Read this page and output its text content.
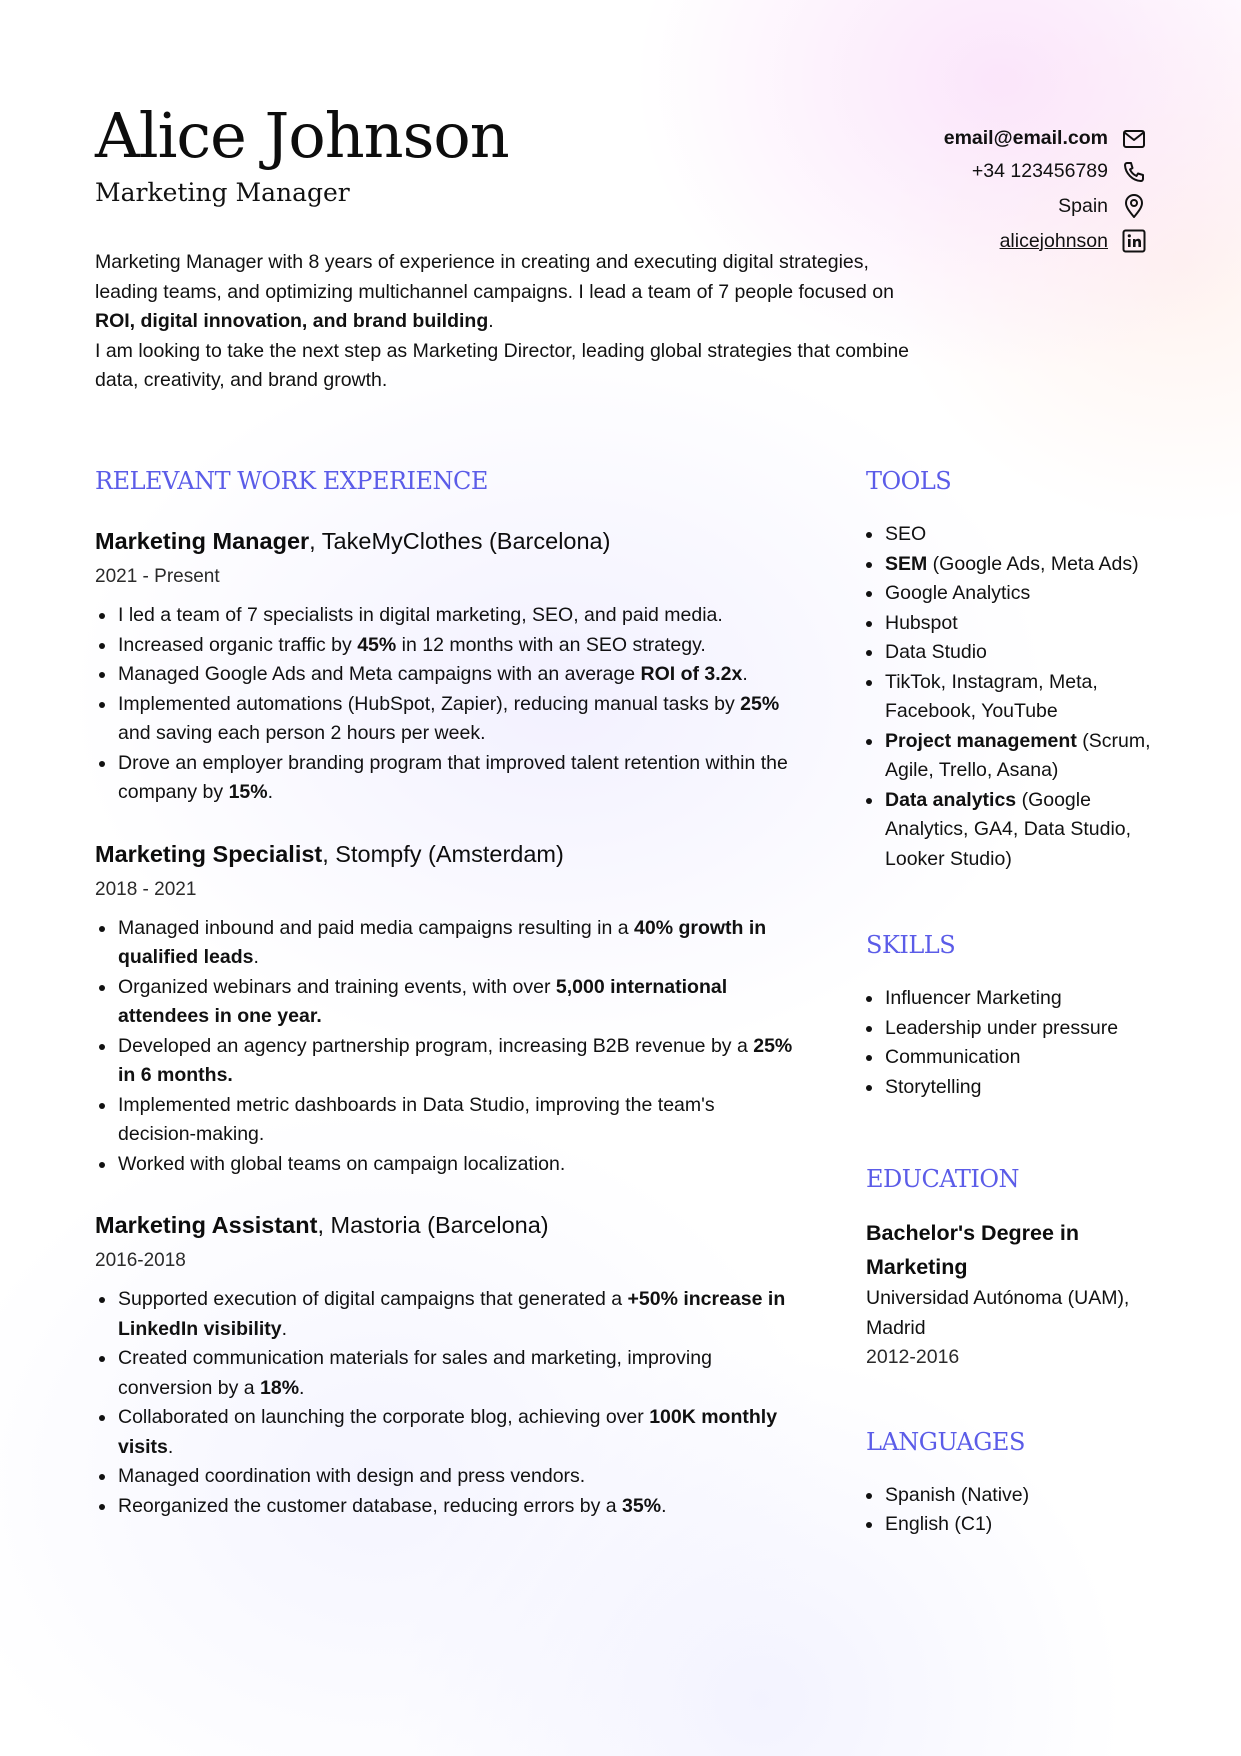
Alice Johnson
Marketing Manager
email@email.com
+34 123456789
Spain
alicejohnson

Marketing Manager with 8 years of experience in creating and executing digital strategies, leading teams, and optimizing multichannel campaigns. I lead a team of 7 people focused on ROI, digital innovation, and brand building.

I am looking to take the next step as Marketing Director, leading global strategies that combine data, creativity, and brand growth.

RELEVANT WORK EXPERIENCE
Marketing Manager, TakeMyClothes (Barcelona)
2021 - Present
I led a team of 7 specialists in digital marketing, SEO, and paid media.
Increased organic traffic by 45% in 12 months with an SEO strategy.
Managed Google Ads and Meta campaigns with an average ROI of 3.2x.
Implemented automations (HubSpot, Zapier), reducing manual tasks by 25% and saving each person 2 hours per week.
Drove an employer branding program that improved talent retention within the company by 15%.
Marketing Specialist, Stompfy (Amsterdam)
2018 - 2021
Managed inbound and paid media campaigns resulting in a 40% growth in qualified leads.
Organized webinars and training events, with over 5,000 international attendees in one year.
Developed an agency partnership program, increasing B2B revenue by a 25% in 6 months.
Implemented metric dashboards in Data Studio, improving the team's decision-making.
Worked with global teams on campaign localization.
Marketing Assistant, Mastoria (Barcelona)
2016-2018
Supported execution of digital campaigns that generated a +50% increase in LinkedIn visibility.
Created communication materials for sales and marketing, improving conversion by a 18%.
Collaborated on launching the corporate blog, achieving over 100K monthly visits.
Managed coordination with design and press vendors.
Reorganized the customer database, reducing errors by a 35%.
TOOLS
SEO
SEM (Google Ads, Meta Ads)
Google Analytics
Hubspot
Data Studio
TikTok, Instagram, Meta, Facebook, YouTube
Project management (Scrum, Agile, Trello, Asana)
Data analytics (Google Analytics, GA4, Data Studio, Looker Studio)
SKILLS
Influencer Marketing
Leadership under pressure
Communication
Storytelling
EDUCATION
Bachelor's Degree in Marketing
Universidad Autónoma (UAM), Madrid
2012-2016
LANGUAGES
Spanish (Native)
English (C1)
